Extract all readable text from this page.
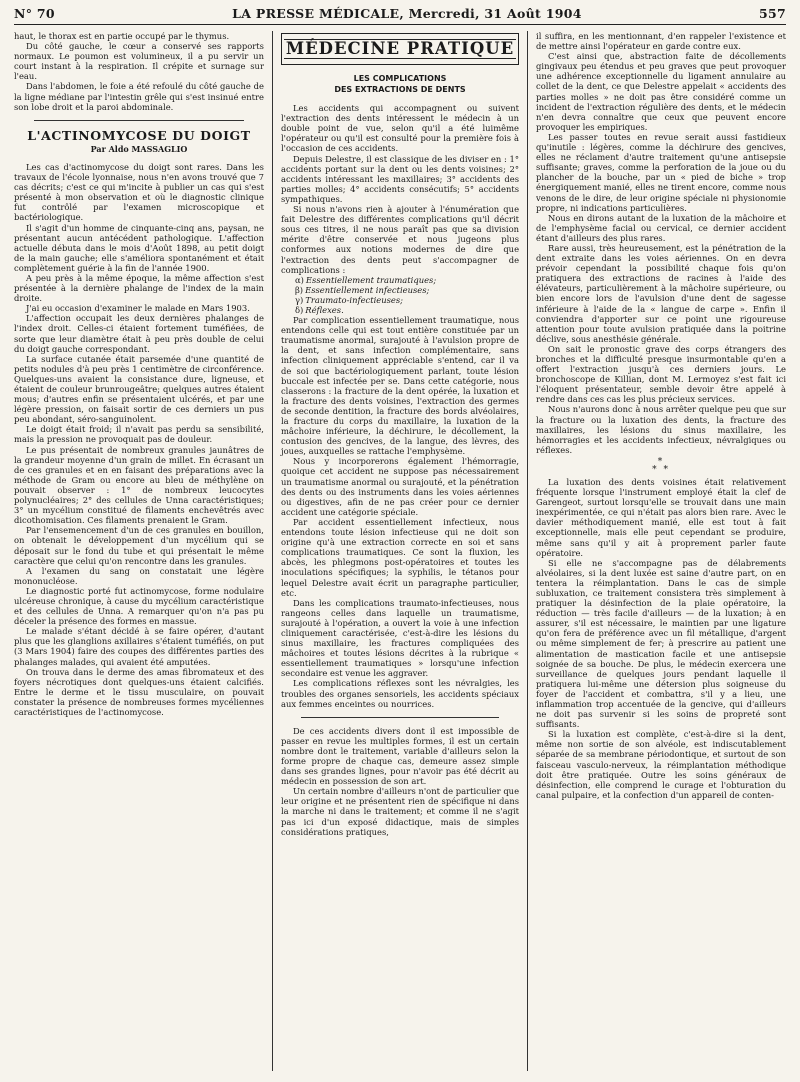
N° 70	LA PRESSE MÉDICALE, Mercredi, 31 Août 1904	557

haut, le thorax est en partie occupé par le thymus.

Du côté gauche, le cœur a conservé ses rapports normaux. Le poumon est volumineux, il a pu servir un court instant à la respiration. Il crépite et surnage sur l'eau.

Dans l'abdomen, le foie a été refoulé du côté gauche de la ligne médiane par l'intestin grêle qui s'est insinué entre son lobe droit et la paroi abdominale.

L'ACTINOMYCOSE DU DOIGT
Par Aldo MASSAGLIO

Les cas d'actinomycose du doigt sont rares. Dans les travaux de l'école lyonnaise, nous n'en avons trouvé que 7 cas décrits; c'est ce qui m'incite à publier un cas qui s'est présenté à mon observation et où le diagnostic clinique fut contrôlé par l'examen microscopique et bactériologique.

Il s'agit d'un homme de cinquante-cinq ans, paysan, ne présentant aucun antécédent pathologique. L'affection actuelle débuta dans le mois d'Août 1898, au petit doigt de la main gauche; elle s'améliora spontanément et était complètement guérie à la fin de l'année 1900.

A peu près à la même époque, la même affection s'est présentée à la dernière phalange de l'index de la main droite.

J'ai eu occasion d'examiner le malade en Mars 1903.

L'affection occupait les deux dernières phalanges de l'index droit. Celles-ci étaient fortement tuméfiées, de sorte que leur diamètre était à peu près double de celui du doigt gauche correspondant.

La surface cutanée était parsemée d'une quantité de petits nodules d'à peu près 1 centimètre de circonférence. Quelques-uns avaient la consistance dure, ligneuse, et étaient de couleur brunrougeâtre; quelques autres étaient mous; d'autres enfin se présentaient ulcérés, et par une légère pression, on faisait sortir de ces derniers un pus peu abondant, séro-sanguinolent.

Le doigt était froid; il n'avait pas perdu sa sensibilité, mais la pression ne provoquait pas de douleur.

Le pus présentait de nombreux granules jaunâtres de la grandeur moyenne d'un grain de millet. En écrasant un de ces granules et en en faisant des préparations avec la méthode de Gram ou encore au bleu de méthylène on pouvait observer : 1° de nombreux leucocytes polynucléaires; 2° des cellules de Unna caractéristiques; 3° un mycélium constitué de filaments enchevêtrés avec dicothomisation. Ces filaments prenaient le Gram.

Par l'ensemencement d'un de ces granules en bouillon, on obtenait le développement d'un mycélium qui se déposait sur le fond du tube et qui présentait le même caractère que celui qu'on rencontre dans les granules.

A l'examen du sang on constatait une légère mononucléose.

Le diagnostic porté fut actinomycose, forme nodulaire ulcéreuse chronique, à cause du mycélium caractéristique et des cellules de Unna. A remarquer qu'on n'a pas pu déceler la présence des formes en massue.

Le malade s'étant décidé à se faire opérer, d'autant plus que les glanglions axillaires s'étaient tuméfiés, on put (3 Mars 1904) faire des coupes des différentes parties des phalanges malades, qui avaient été amputées.

On trouva dans le derme des amas fibromateux et des foyers nécrotiques dont quelques-uns étaient calcifiés. Entre le derme et le tissu musculaire, on pouvait constater la présence de nombreuses formes mycéliennes caractéristiques de l'actinomycose.

MÉDECINE PRATIQUE
LES COMPLICATIONS
DES EXTRACTIONS DE DENTS

Les accidents qui accompagnent ou suivent l'extraction des dents intéressent le médecin à un double point de vue, selon qu'il a été luimême l'opérateur ou qu'il est consulté pour la première fois à l'occasion de ces accidents.

Depuis Delestre, il est classique de les diviser en : 1° accidents portant sur la dent ou les dents voisines; 2° accidents intéressant les maxillaires; 3° accidents des parties molles; 4° accidents consécutifs; 5° accidents sympathiques.

Si nous n'avons rien à ajouter à l'énumération que fait Delestre des différentes complications qu'il décrit sous ces titres, il ne nous paraît pas que sa division mérite d'être conservée et nous jugeons plus conformes aux notions modernes de dire que l'extraction des dents peut s'accompagner de complications :

α) Essentiellement traumatiques;
β) Essentiellement infectieuses;
γ) Traumato-infectieuses;
δ) Réflexes.

Par complication essentiellement traumatique, nous entendons celle qui est tout entière constituée par un traumatisme anormal, surajouté à l'avulsion propre de la dent, et sans infection complémentaire, sans infection cliniquement appréciable s'entend, car il va de soi que bactériologiquement parlant, toute lésion buccale est infectée per se. Dans cette catégorie, nous classerons : la fracture de la dent opérée, la luxation et la fracture des dents voisines, l'extraction des germes de seconde dentition, la fracture des bords alvéolaires, la fracture du corps du maxillaire, la luxation de la mâchoire inférieure, la déchirure, le décollement, la contusion des gencives, de la langue, des lèvres, des joues, auxquelles se rattache l'emphysème.

Nous y incorporerons également l'hémorragie, quoique cet accident ne suppose pas nécessairement un traumatisme anormal ou surajouté, et la pénétration des dents ou des instruments dans les voies aériennes ou digestives, afin de ne pas créer pour ce dernier accident une catégorie spéciale.

Par accident essentiellement infectieux, nous entendons toute lésion infectieuse qui ne doit son origine qu'à une extraction correcte en soi et sans complications traumatiques. Ce sont la fluxion, les abcès, les phlegmons post-opératoires et toutes les inoculations spécifiques; la syphilis, le tétanos pour lequel Delestre avait écrit un paragraphe particulier, etc.

Dans les complications traumato-infectieuses, nous rangeons celles dans laquelle un traumatisme, surajouté à l'opération, a ouvert la voie à une infection cliniquement caractérisée, c'est-à-dire les lésions du sinus maxillaire, les fractures compliquées des mâchoires et toutes lésions décrites à la rubrique « essentiellement traumatiques » lorsqu'une infection secondaire est venue les aggraver.

Les complications réflexes sont les névralgies, les troubles des organes sensoriels, les accidents spéciaux aux femmes enceintes ou nourrices.

De ces accidents divers dont il est impossible de passer en revue les multiples formes, il est un certain nombre dont le traitement, variable d'ailleurs selon la forme propre de chaque cas, demeure assez simple dans ses grandes lignes, pour n'avoir pas été décrit au médecin en possession de son art.

Un certain nombre d'ailleurs n'ont de particulier que leur origine et ne présentent rien de spécifique ni dans la marche ni dans le traitement; et comme il ne s'agit pas ici d'un exposé didactique, mais de simples considérations pratiques,

il suffira, en les mentionnant, d'en rappeler l'existence et de mettre ainsi l'opérateur en garde contre eux.

C'est ainsi que, abstraction faite de décollements gingivaux peu étendus et peu graves que peut provoquer une adhérence exceptionnelle du ligament annulaire au collet de la dent, ce que Delestre appelait « accidents des parties molles » ne doit pas être considéré comme un incident de l'extraction régulière des dents, et le médecin n'en devra connaître que ceux que peuvent encore provoquer les empiriques.

Les passer toutes en revue serait aussi fastidieux qu'inutile : légères, comme la déchirure des gencives, elles ne réclament d'autre traitement qu'une antisepsie suffisante; graves, comme la perforation de la joue ou du plancher de la bouche, par un « pied de biche » trop énergiquement manié, elles ne tirent encore, comme nous venons de le dire, de leur origine spéciale ni physionomie propre, ni indications particulières.

Nous en dirons autant de la luxation de la mâchoire et de l'emphysème facial ou cervical, ce dernier accident étant d'ailleurs des plus rares.

Rare aussi, très heureusement, est la pénétration de la dent extraite dans les voies aériennes. On en devra prévoir cependant la possibilité chaque fois qu'on pratiquera des extractions de racines à l'aide des élévateurs, particulièrement à la mâchoire supérieure, ou bien encore lors de l'avulsion d'une dent de sagesse inférieure à l'aide de la « langue de carpe ». Enfin il conviendra d'apporter sur ce point une rigoureuse attention pour toute avulsion pratiquée dans la poitrine déclive, sous anesthésie générale.

On sait le pronostic grave des corps étrangers des bronches et la difficulté presque insurmontable qu'en a offert l'extraction jusqu'à ces derniers jours. Le bronchoscope de Killian, dont M. Lermoyez s'est fait ici l'éloquent présentateur, semble devoir être appelé à rendre dans ces cas les plus précieux services.

Nous n'aurons donc à nous arrêter quelque peu que sur la fracture ou la luxation des dents, la fracture des maxillaires, les lésions du sinus maxillaire, les hémorragies et les accidents infectieux, névralgiques ou réflexes.

*
* *

La luxation des dents voisines était relativement fréquente lorsque l'instrument employé était la clef de Garengeot, surtout lorsqu'elle se trouvait dans une main inexpérimentée, ce qui n'était pas alors bien rare. Avec le davier méthodiquement manié, elle est tout à fait exceptionnelle, mais elle peut cependant se produire, même sans qu'il y ait à proprement parler faute opératoire.

Si elle ne s'accompagne pas de délabrements alvéolaires, si la dent luxée est saine d'autre part, on en tentera la réimplantation. Dans le cas de simple subluxation, ce traitement consistera très simplement à pratiquer la désinfection de la plaie opératoire, la réduction — très facile d'ailleurs — de la luxation; à en assurer, s'il est nécessaire, le maintien par une ligature qu'on fera de préférence avec un fil métallique, d'argent ou même simplement de fer; à prescrire au patient une alimentation de mastication facile et une antisepsie soignée de sa bouche. De plus, le médecin exercera une surveillance de quelques jours pendant laquelle il pratiquera lui-même une détersion plus soigneuse du foyer de l'accident et combattra, s'il y a lieu, une inflammation trop accentuée de la gencive, qui d'ailleurs ne doit pas survenir si les soins de propreté sont suffisants.

Si la luxation est complète, c'est-à-dire si la dent, même non sortie de son alvéole, est indiscutablement séparée de sa membrane périodontique, et surtout de son faisceau vasculo-nerveux, la réimplantation méthodique doit être pratiquée. Outre les soins généraux de désinfection, elle comprend le curage et l'obturation du canal pulpaire, et la confection d'un appareil de conten-
